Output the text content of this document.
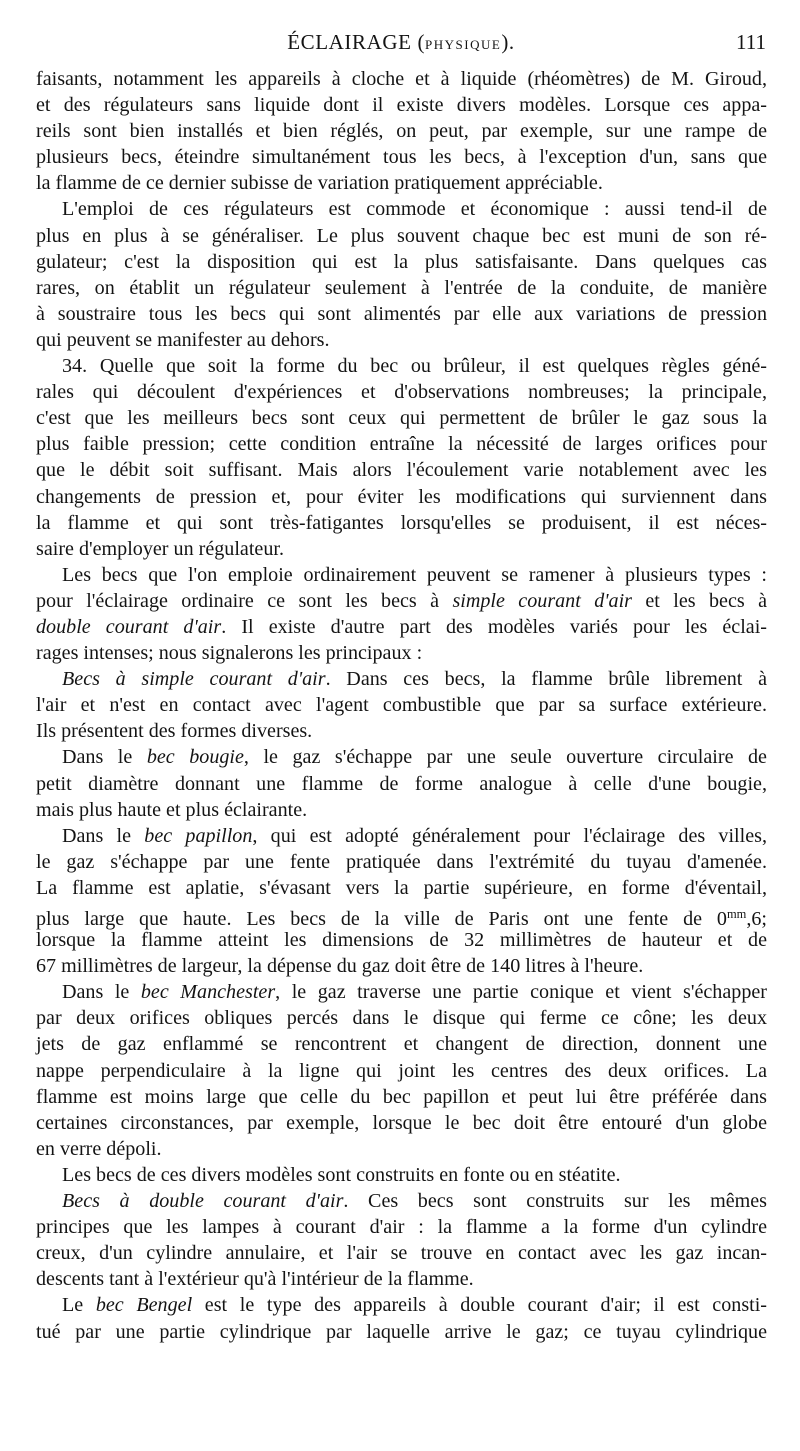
ÉCLAIRAGE (PHYSIQUE).	111
faisants, notamment les appareils à cloche et à liquide (rhéomètres) de M. Giroud,
et des régulateurs sans liquide dont il existe divers modèles. Lorsque ces appa-
reils sont bien installés et bien réglés, on peut, par exemple, sur une rampe de
plusieurs becs, éteindre simultanément tous les becs, à l'exception d'un, sans que
la flamme de ce dernier subisse de variation pratiquement appréciable.
L'emploi de ces régulateurs est commode et économique : aussi tend-il de
plus en plus à se généraliser. Le plus souvent chaque bec est muni de son ré-
gulateur; c'est la disposition qui est la plus satisfaisante. Dans quelques cas
rares, on établit un régulateur seulement à l'entrée de la conduite, de manière
à soustraire tous les becs qui sont alimentés par elle aux variations de pression
qui peuvent se manifester au dehors.
34. Quelle que soit la forme du bec ou brûleur, il est quelques règles géné-
rales qui découlent d'expériences et d'observations nombreuses; la principale,
c'est que les meilleurs becs sont ceux qui permettent de brûler le gaz sous la
plus faible pression; cette condition entraîne la nécessité de larges orifices pour
que le débit soit suffisant. Mais alors l'écoulement varie notablement avec les
changements de pression et, pour éviter les modifications qui surviennent dans
la flamme et qui sont très-fatigantes lorsqu'elles se produisent, il est néces-
saire d'employer un régulateur.
Les becs que l'on emploie ordinairement peuvent se ramener à plusieurs types :
pour l'éclairage ordinaire ce sont les becs à simple courant d'air et les becs à
double courant d'air. Il existe d'autre part des modèles variés pour les éclai-
rages intenses; nous signalerons les principaux :
Becs à simple courant d'air. Dans ces becs, la flamme brûle librement à
l'air et n'est en contact avec l'agent combustible que par sa surface extérieure.
Ils présentent des formes diverses.
Dans le bec bougie, le gaz s'échappe par une seule ouverture circulaire de
petit diamètre donnant une flamme de forme analogue à celle d'une bougie,
mais plus haute et plus éclairante.
Dans le bec papillon, qui est adopté généralement pour l'éclairage des villes,
le gaz s'échappe par une fente pratiquée dans l'extrémité du tuyau d'amenée.
La flamme est aplatie, s'évasant vers la partie supérieure, en forme d'éventail,
plus large que haute. Les becs de la ville de Paris ont une fente de $0^{mm},6$;
lorsque la flamme atteint les dimensions de 32 millimètres de hauteur et de
67 millimètres de largeur, la dépense du gaz doit être de 140 litres à l'heure.
Dans le bec Manchester, le gaz traverse une partie conique et vient s'échapper
par deux orifices obliques percés dans le disque qui ferme ce cône; les deux
jets de gaz enflammé se rencontrent et changent de direction, donnent une
nappe perpendiculaire à la ligne qui joint les centres des deux orifices. La
flamme est moins large que celle du bec papillon et peut lui être préférée dans
certaines circonstances, par exemple, lorsque le bec doit être entouré d'un globe
en verre dépoli.
Les becs de ces divers modèles sont construits en fonte ou en stéatite.
Becs à double courant d'air. Ces becs sont construits sur les mêmes
principes que les lampes à courant d'air : la flamme a la forme d'un cylindre
creux, d'un cylindre annulaire, et l'air se trouve en contact avec les gaz incan-
descents tant à l'extérieur qu'à l'intérieur de la flamme.
Le bec Bengel est le type des appareils à double courant d'air; il est consti-
tué par une partie cylindrique par laquelle arrive le gaz; ce tuyau cylindrique
